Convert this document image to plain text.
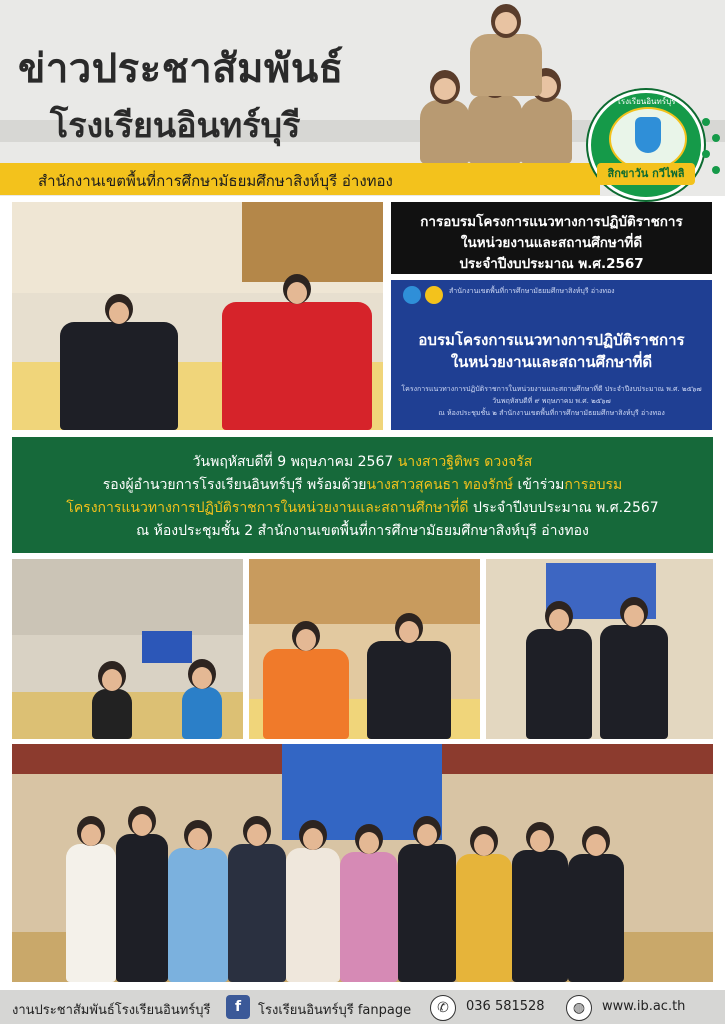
ข่าวประชาสัมพันธ์
โรงเรียนอินทร์บุรี
สำนักงานเขตพื้นที่การศึกษามัธยมศึกษาสิงห์บุรี อ่างทอง
โรงเรียนอินทร์บุรี
สิกขาวัน กวีไพลิ
การอบรมโครงการแนวทางการปฏิบัติราชการ
ในหน่วยงานและสถานศึกษาที่ดี
ประจำปีงบประมาณ พ.ศ.2567
สำนักงานเขตพื้นที่การศึกษามัธยมศึกษาสิงห์บุรี อ่างทอง
อบรมโครงการแนวทางการปฏิบัติราชการ
ในหน่วยงานและสถานศึกษาที่ดี
โครงการแนวทางการปฏิบัติราชการในหน่วยงานและสถานศึกษาที่ดี ประจำปีงบประมาณ พ.ศ. ๒๕๖๗
วันพฤหัสบดีที่ ๙ พฤษภาคม พ.ศ. ๒๕๖๗
ณ ห้องประชุมชั้น ๒ สำนักงานเขตพื้นที่การศึกษามัธยมศึกษาสิงห์บุรี อ่างทอง
วันพฤหัสบดีที่ 9 พฤษภาคม 2567 นางสาวฐิติพร ดวงจรัส
รองผู้อำนวยการโรงเรียนอินทร์บุรี พร้อมด้วยนางสาวสุคนธา ทองรักษ์ เข้าร่วมการอบรม
โครงการแนวทางการปฏิบัติราชการในหน่วยงานและสถานศึกษาที่ดี ประจำปีงบประมาณ พ.ศ.2567
ณ ห้องประชุมชั้น 2 สำนักงานเขตพื้นที่การศึกษามัธยมศึกษาสิงห์บุรี อ่างทอง
งานประชาสัมพันธ์โรงเรียนอินทร์บุรี	f	โรงเรียนอินทร์บุรี fanpage	✆	036 581528	◍	www.ib.ac.th
